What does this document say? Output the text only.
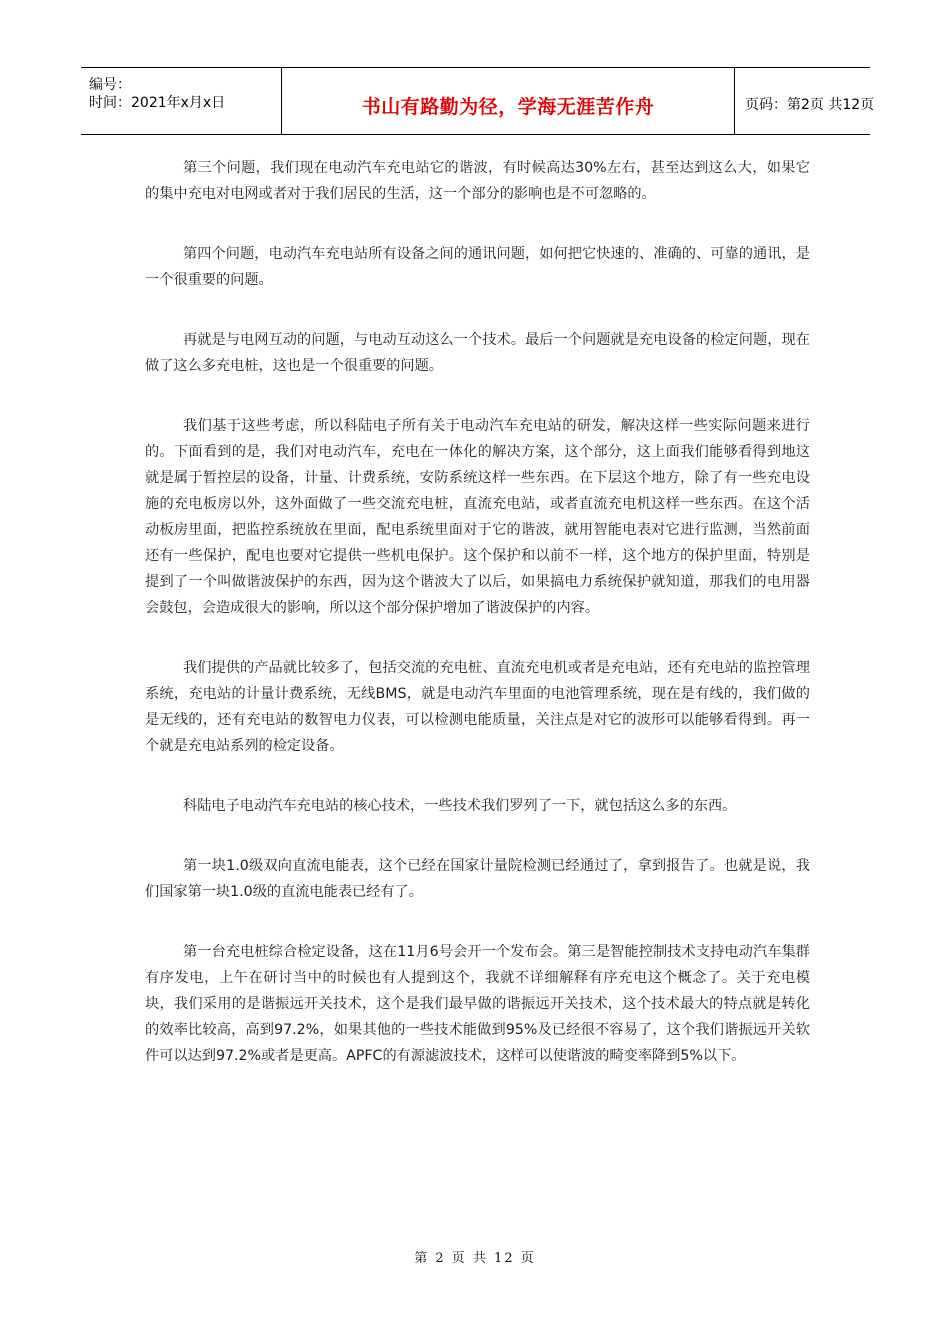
编号：
时间：2021年x月x日	书山有路勤为径，学海无涯苦作舟	页码：第2页 共12页

第三个问题，我们现在电动汽车充电站它的谐波，有时候高达30%左右，甚至达到这么大，如果它的集中充电对电网或者对于我们居民的生活，这一个部分的影响也是不可忽略的。

第四个问题，电动汽车充电站所有设备之间的通讯问题，如何把它快速的、准确的、可靠的通讯，是一个很重要的问题。

再就是与电网互动的问题，与电动互动这么一个技术。最后一个问题就是充电设备的检定问题，现在做了这么多充电桩，这也是一个很重要的问题。

我们基于这些考虑，所以科陆电子所有关于电动汽车充电站的研发，解决这样一些实际问题来进行的。下面看到的是，我们对电动汽车，充电在一体化的解决方案，这个部分，这上面我们能够看得到地这就是属于暂控层的设备，计量、计费系统，安防系统这样一些东西。在下层这个地方，除了有一些充电设施的充电板房以外，这外面做了一些交流充电桩，直流充电站，或者直流充电机这样一些东西。在这个活动板房里面，把监控系统放在里面，配电系统里面对于它的谐波，就用智能电表对它进行监测，当然前面还有一些保护，配电也要对它提供一些机电保护。这个保护和以前不一样，这个地方的保护里面，特别是提到了一个叫做谐波保护的东西，因为这个谐波大了以后，如果搞电力系统保护就知道，那我们的电用器会鼓包，会造成很大的影响，所以这个部分保护增加了谐波保护的内容。

我们提供的产品就比较多了，包括交流的充电桩、直流充电机或者是充电站，还有充电站的监控管理系统，充电站的计量计费系统，无线BMS，就是电动汽车里面的电池管理系统，现在是有线的，我们做的是无线的，还有充电站的数智电力仪表，可以检测电能质量，关注点是对它的波形可以能够看得到。再一个就是充电站系列的检定设备。

科陆电子电动汽车充电站的核心技术，一些技术我们罗列了一下，就包括这么多的东西。

第一块1.0级双向直流电能表，这个已经在国家计量院检测已经通过了，拿到报告了。也就是说，我们国家第一块1.0级的直流电能表已经有了。

第一台充电桩综合检定设备，这在11月6号会开一个发布会。第三是智能控制技术支持电动汽车集群有序发电，上午在研讨当中的时候也有人提到这个，我就不详细解释有序充电这个概念了。关于充电模块，我们采用的是谐振远开关技术，这个是我们最早做的谐振远开关技术，这个技术最大的特点就是转化的效率比较高，高到97.2%，如果其他的一些技术能做到95%及已经很不容易了，这个我们谐振远开关软件可以达到97.2%或者是更高。APFC的有源滤波技术，这样可以使谐波的畸变率降到5%以下。

第 2 页 共 12 页
